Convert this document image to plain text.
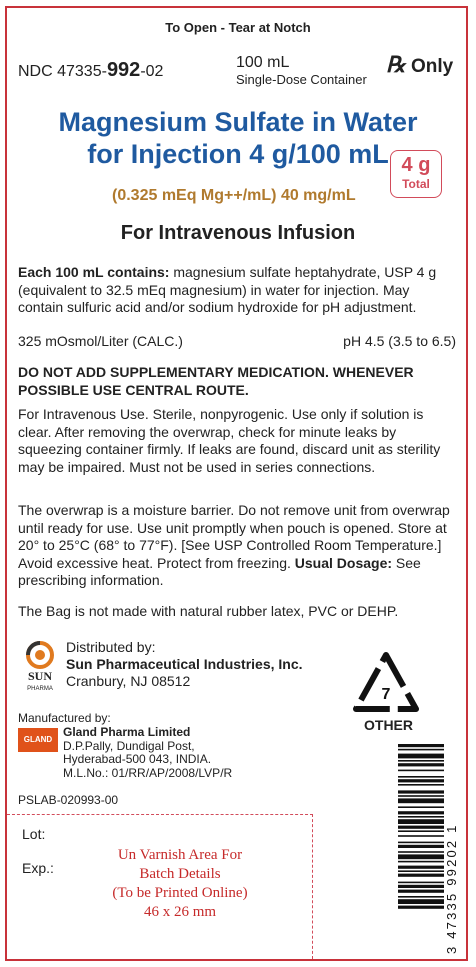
To Open - Tear at Notch
NDC 47335-992-02
100 mL
Single-Dose Container
℞ Only
Magnesium Sulfate in Water
for Injection 4 g/100 mL 4 g
Total
(0.325 mEq Mg++/mL) 40 mg/mL
For Intravenous Infusion
Each 100 mL contains: magnesium sulfate heptahydrate, USP 4 g (equivalent to 32.5 mEq magnesium) in water for injection. May contain sulfuric acid and/or sodium hydroxide for pH adjustment.
325 mOsmol/Liter (CALC.)	pH 4.5 (3.5 to 6.5)
DO NOT ADD SUPPLEMENTARY MEDICATION. WHENEVER POSSIBLE USE CENTRAL ROUTE.
For Intravenous Use. Sterile, nonpyrogenic. Use only if solution is clear. After removing the overwrap, check for minute leaks by squeezing container firmly. If leaks are found, discard unit as sterility may be impaired. Must not be used in series connections.
The overwrap is a moisture barrier. Do not remove unit from overwrap until ready for use. Use unit promptly when pouch is opened. Store at 20° to 25°C (68° to 77°F). [See USP Controlled Room Temperature.] Avoid excessive heat. Protect from freezing. Usual Dosage: See prescribing information.
The Bag is not made with natural rubber latex, PVC or DEHP.
SUN
PHARMA
Distributed by:
Sun Pharmaceutical Industries, Inc.
Cranbury, NJ 08512
7
OTHER
Manufactured by:
GLAND
Gland Pharma Limited
D.P.Pally, Dundigal Post,
Hyderabad-500 043, INDIA.
M.L.No.: 01/RR/AP/2008/LVP/R
PSLAB-020993-00
Lot:
Exp.:
Un Varnish Area For
Batch Details
(To be Printed Online)
46 x 26 mm	3 47335 99202 1
